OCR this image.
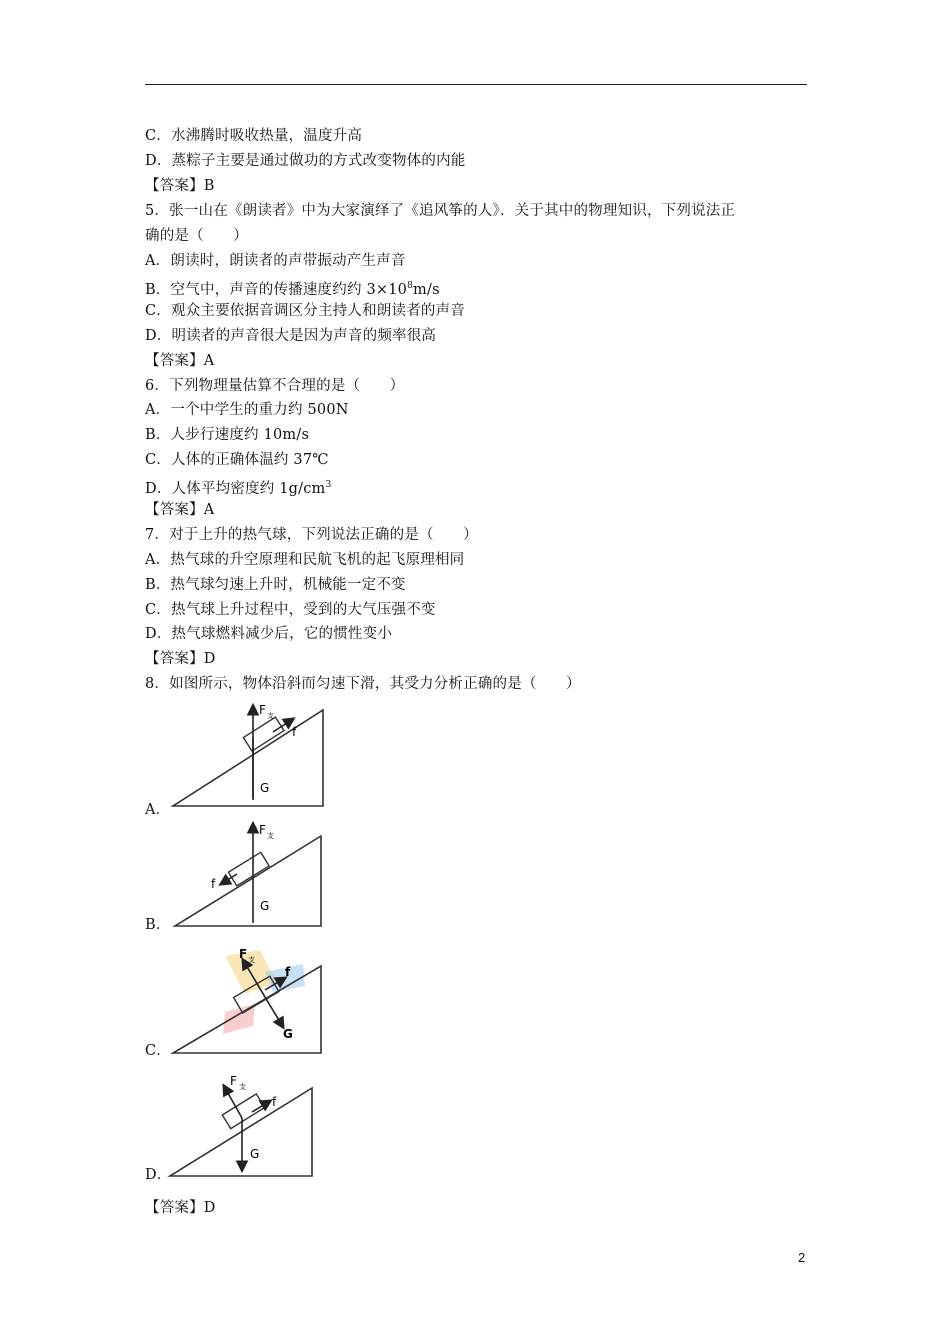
C．水沸腾时吸收热量，温度升高
D．蒸粽子主要是通过做功的方式改变物体的内能
【答案】B
5．张一山在《朗读者》中为大家演绎了《追风筝的人》．关于其中的物理知识，下列说法正
确的是（　　）
A．朗读时，朗读者的声带振动产生声音
B．空气中，声音的传播速度约约 $3\times 10^8m/s$
C．观众主要依据音调区分主持人和朗读者的声音
D．明读者的声音很大是因为声音的频率很高
【答案】A
6．下列物理量估算不合理的是（　　）
A．一个中学生的重力约 500N
B．人步行速度约 10m/s
C．人体的正确体温约 37℃
D．人体平均密度约 $1g/cm^3$
【答案】A
7．对于上升的热气球，下列说法正确的是（　　）
A．热气球的升空原理和民航飞机的起飞原理相同
B．热气球匀速上升时，机械能一定不变
C．热气球上升过程中，受到的大气压强不变
D．热气球燃料减少后，它的惯性变小
【答案】D
8．如图所示，物体沿斜而匀速下滑，其受力分析正确的是（　　）
A．
F 支
f
G
B．
F 支
f
G
C．
F 支
f
G
D．
F 支
f
G
【答案】D
2
